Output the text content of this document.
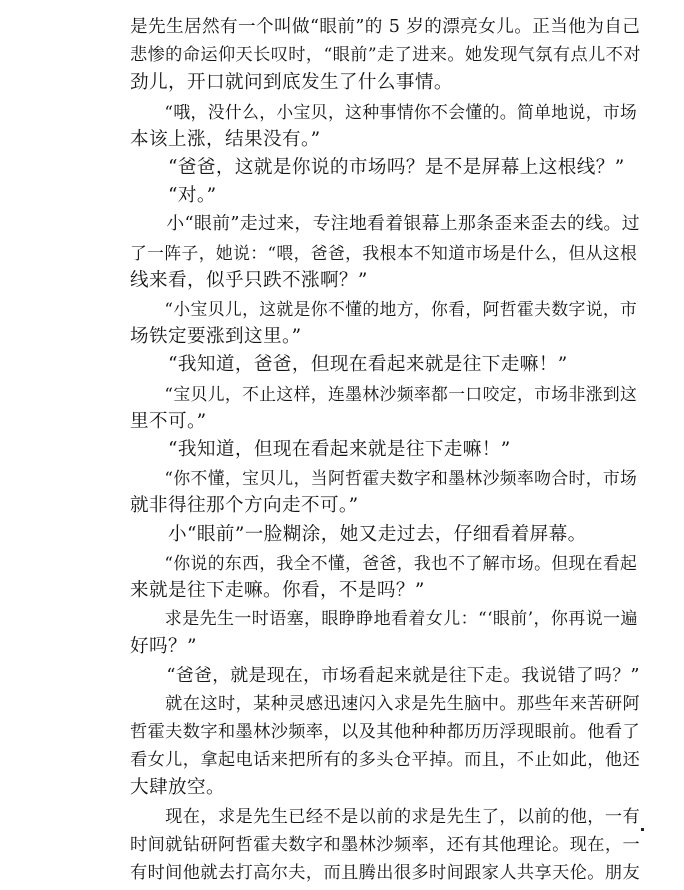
是先生居然有一个叫做“眼前”的 5 岁的漂亮女儿。正当他为自己
悲惨的命运仰天长叹时，“眼前”走了进来。她发现气氛有点儿不对
劲儿，开口就问到底发生了什么事情。
　　“哦，没什么，小宝贝，这种事情你不会懂的。简单地说，市场
本该上涨，结果没有。”
　　“爸爸，这就是你说的市场吗？是不是屏幕上这根线？”
　　“对。”
　　小“眼前”走过来，专注地看着银幕上那条歪来歪去的线。过
了一阵子，她说：“喂，爸爸，我根本不知道市场是什么，但从这根
线来看，似乎只跌不涨啊？”
　　“小宝贝儿，这就是你不懂的地方，你看，阿哲霍夫数字说，市
场铁定要涨到这里。”
　　“我知道，爸爸，但现在看起来就是往下走嘛！”
　　“宝贝儿，不止这样，连墨林沙频率都一口咬定，市场非涨到这
里不可。”
　　“我知道，但现在看起来就是往下走嘛！”
　　“你不懂，宝贝儿，当阿哲霍夫数字和墨林沙频率吻合时，市场
就非得往那个方向走不可。”
　　小“眼前”一脸糊涂，她又走过去，仔细看着屏幕。
　　“你说的东西，我全不懂，爸爸，我也不了解市场。但现在看起
来就是往下走嘛。你看，不是吗？”
　　求是先生一时语塞，眼睁睁地看着女儿：“‘眼前’，你再说一遍
好吗？”
　　“爸爸，就是现在，市场看起来就是往下走。我说错了吗？”
　　就在这时，某种灵感迅速闪入求是先生脑中。那些年来苦研阿
哲霍夫数字和墨林沙频率，以及其他种种都历历浮现眼前。他看了
看女儿，拿起电话来把所有的多头仓平掉。而且，不止如此，他还
大肆放空。
　　现在，求是先生已经不是以前的求是先生了，以前的他，一有
时间就钻研阿哲霍夫数字和墨林沙频率，还有其他理论。现在，一
有时间他就去打高尔夫，而且腾出很多时间跟家人共享天伦。朋友
